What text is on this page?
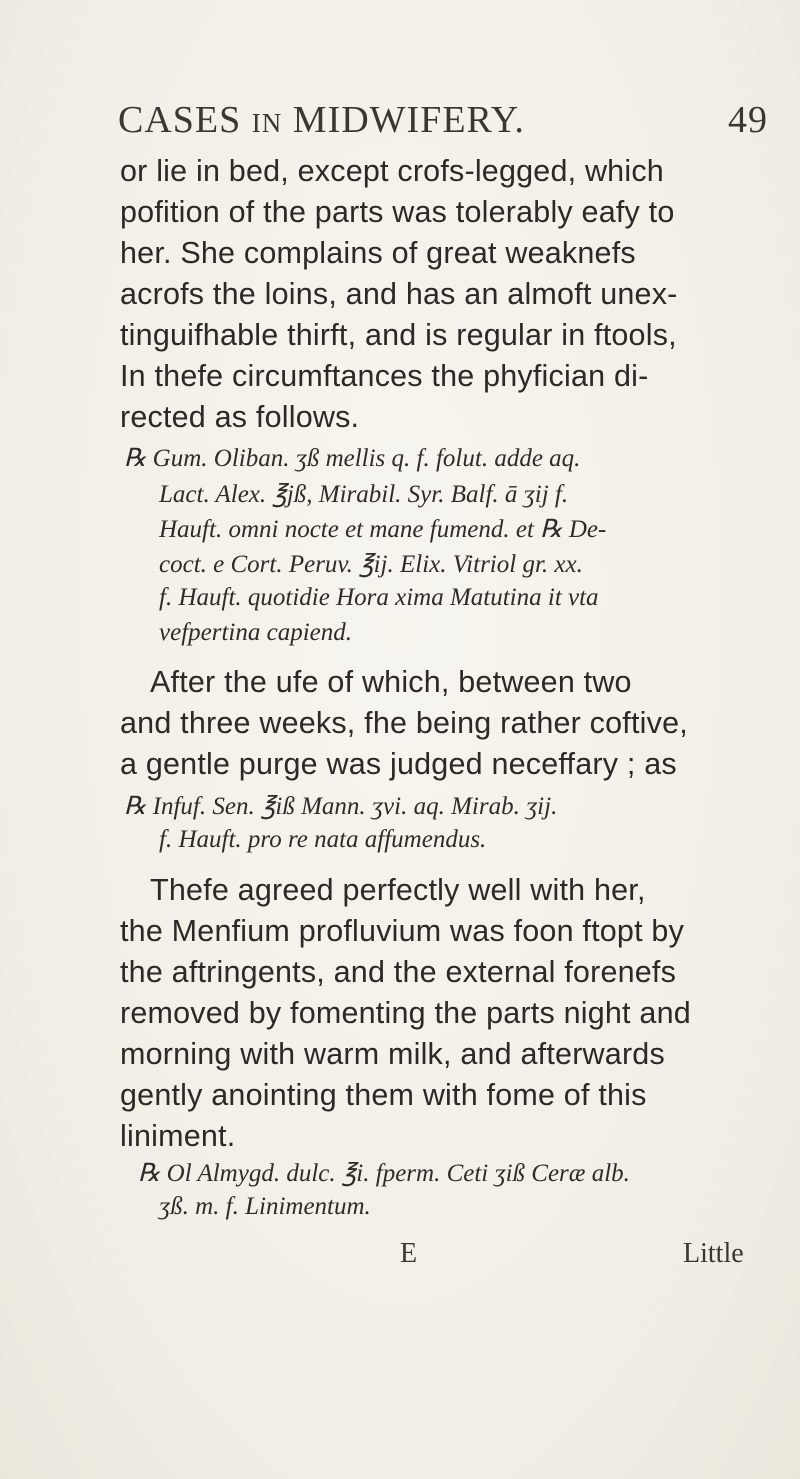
CASES IN MIDWIFERY.	49
or lie in bed, except crofs-legged, which
pofition of the parts was tolerably eafy to
her. She complains of great weaknefs
acrofs the loins, and has an almoft unex-
tinguifhable thirft, and is regular in ftools,
In thefe circumftances the phyfician di-
rected as follows.
℞ Gum. Oliban. ʒß mellis q. f. folut. adde aq.
Lact. Alex. ℥jß, Mirabil. Syr. Balf. ā ʒij f.
Hauft. omni nocte et mane fumend. et ℞ De-
coct. e Cort. Peruv. ℥ij. Elix. Vitriol gr. xx.
f. Hauft. quotidie Hora xima Matutina it vta
vefpertina capiend.
After the ufe of which, between two
and three weeks, fhe being rather coftive,
a gentle purge was judged neceffary ; as
℞ Infuf. Sen. ℥iß Mann. ʒvi. aq. Mirab. ʒij.
f. Hauft. pro re nata affumendus.
Thefe agreed perfectly well with her,
the Menfium profluvium was foon ftopt by
the aftringents, and the external forenefs
removed by fomenting the parts night and
morning with warm milk, and afterwards
gently anointing them with fome of this
liniment.
℞ Ol Almygd. dulc. ℥i. fperm. Ceti ʒiß Ceræ alb.
ʒß. m. f. Linimentum.
E	Little
